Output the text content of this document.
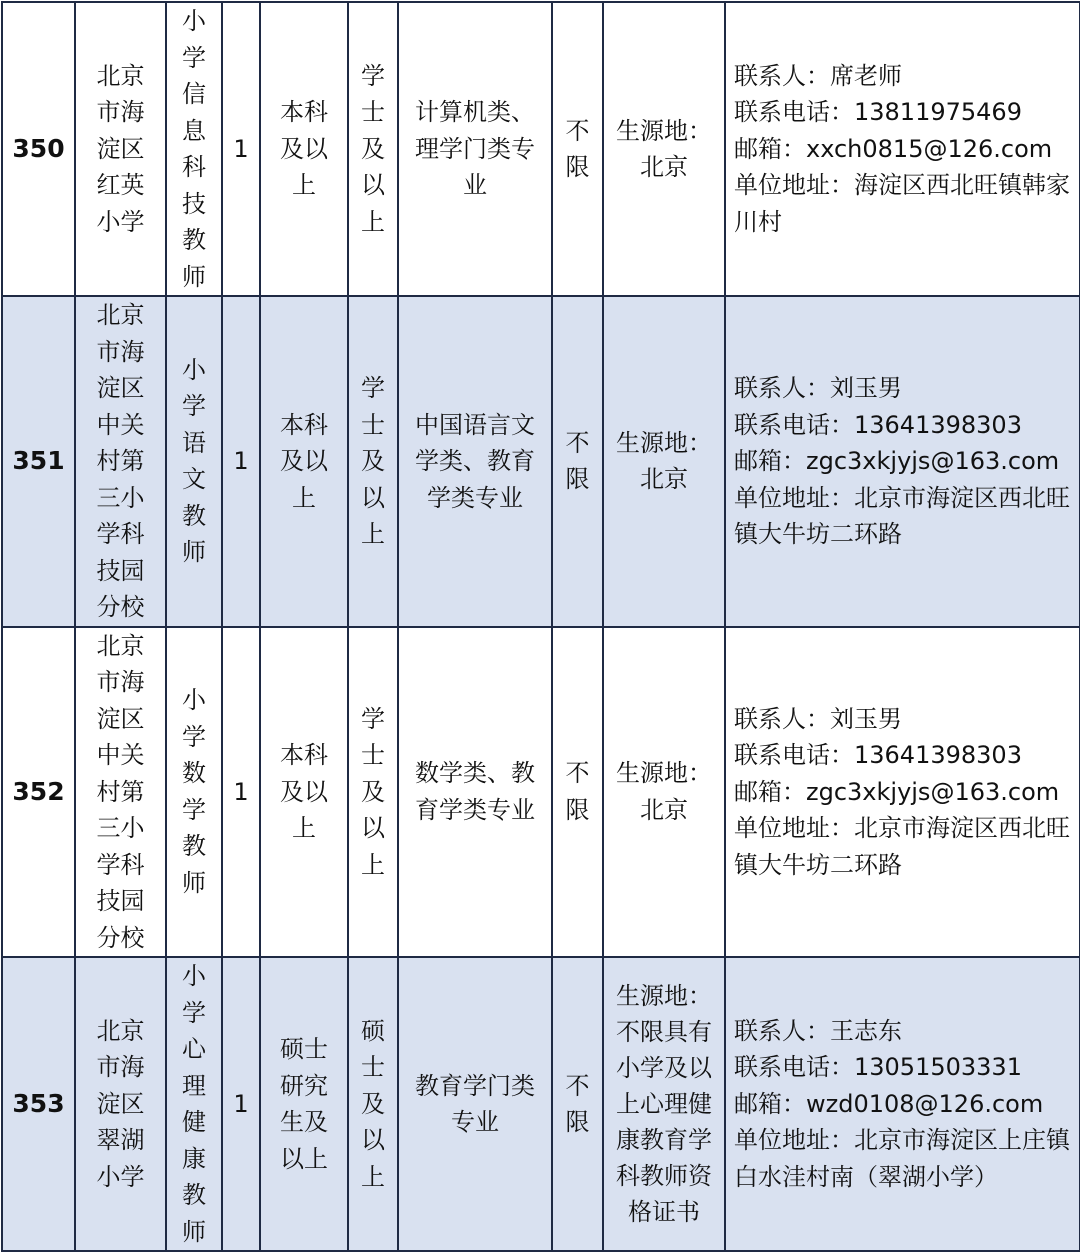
350	北京市海淀区红英小学	小学信息科技教师	1	本科及以上	学士及以上	计算机类、理学门类专业	不限	生源地：北京	联系人：席老师
联系电话：13811975469
邮箱：xxch0815@126.com
单位地址：海淀区西北旺镇韩家川村

351	北京市海淀区中关村第三小学科技园分校	小学语文教师	1	本科及以上	学士及以上	中国语言文学类、教育学类专业	不限	生源地：北京	联系人：刘玉男
联系电话：13641398303
邮箱：zgc3xkjyjs@163.com
单位地址：北京市海淀区西北旺镇大牛坊二环路

352	北京市海淀区中关村第三小学科技园分校	小学数学教师	1	本科及以上	学士及以上	数学类、教育学类专业	不限	生源地：北京	联系人：刘玉男
联系电话：13641398303
邮箱：zgc3xkjyjs@163.com
单位地址：北京市海淀区西北旺镇大牛坊二环路

353	北京市海淀区翠湖小学	小学心理健康教师	1	硕士研究生及以上	硕士及以上	教育学门类专业	不限	生源地：不限具有小学及以上心理健康教育学科教师资格证书	联系人：王志东
联系电话：13051503331
邮箱：wzd0108@126.com
单位地址：北京市海淀区上庄镇白水洼村南（翠湖小学）
